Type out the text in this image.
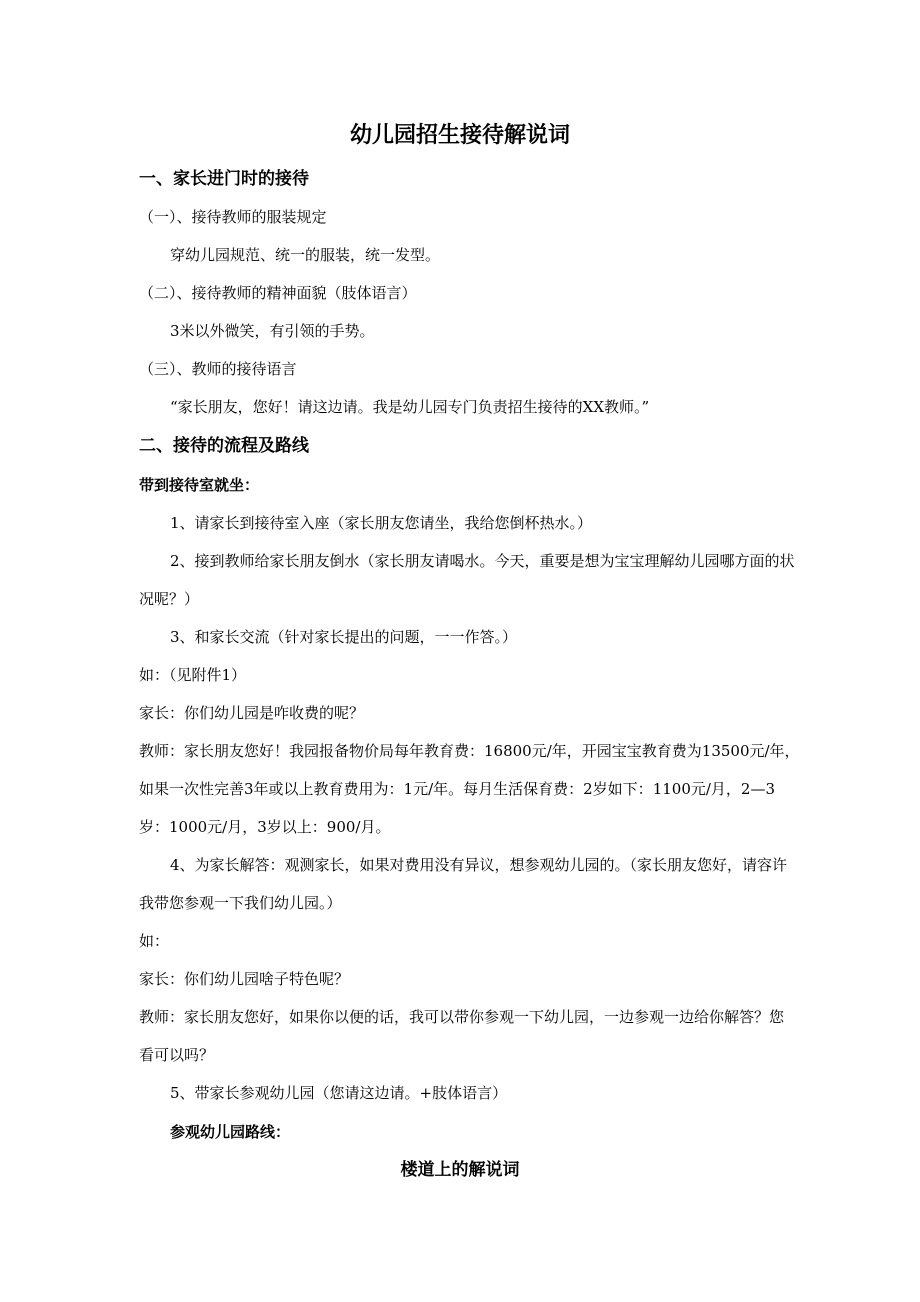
幼儿园招生接待解说词
一、家长进门时的接待
（一）、接待教师的服装规定
穿幼儿园规范、统一的服装，统一发型。
（二）、接待教师的精神面貌（肢体语言）
3米以外微笑，有引领的手势。
（三）、教师的接待语言
“家长朋友，您好！请这边请。我是幼儿园专门负责招生接待的XX教师。”
二、接待的流程及路线
带到接待室就坐：
1、请家长到接待室入座（家长朋友您请坐，我给您倒杯热水。）
2、接到教师给家长朋友倒水（家长朋友请喝水。今天，重要是想为宝宝理解幼儿园哪方面的状
况呢？）
3、和家长交流（针对家长提出的问题，一一作答。）
如：（见附件1）
家长：你们幼儿园是咋收费的呢？
教师：家长朋友您好！我园报备物价局每年教育费：16800元/年，开园宝宝教育费为13500元/年，
如果一次性完善3年或以上教育费用为：1元/年。每月生活保育费：2岁如下：1100元/月，2—3
岁：1000元/月，3岁以上：900/月。
4、为家长解答：观测家长，如果对费用没有异议，想参观幼儿园的。（家长朋友您好，请容许
我带您参观一下我们幼儿园。）
如：
家长：你们幼儿园啥子特色呢？
教师：家长朋友您好，如果你以便的话，我可以带你参观一下幼儿园，一边参观一边给你解答？您
看可以吗？
5、带家长参观幼儿园（您请这边请。+肢体语言）
参观幼儿园路线：
楼道上的解说词
